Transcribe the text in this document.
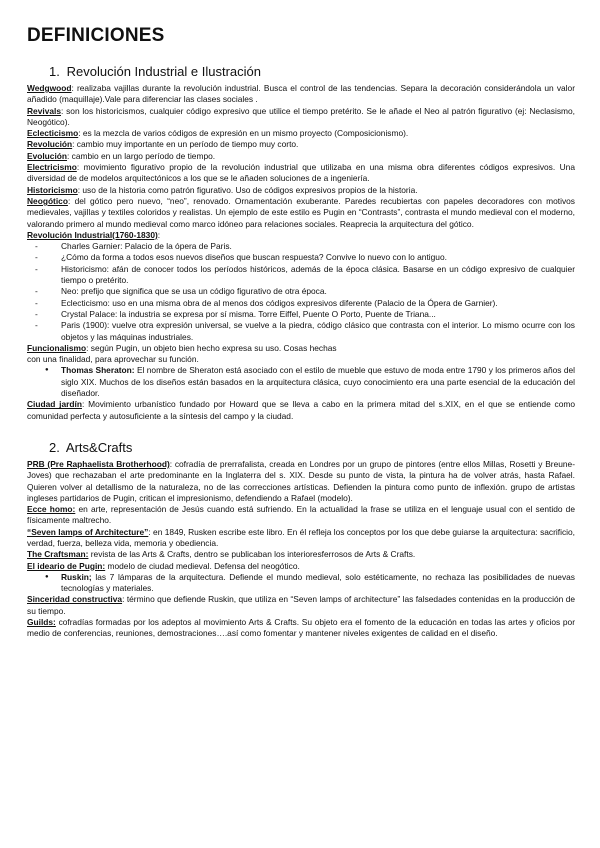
DEFINICIONES
1. Revolución Industrial e Ilustración

Wedgwood: realizaba vajillas durante la revolución industrial. Busca el control de las tendencias. Separa la decoración considerándola un valor añadido (maquillaje).Vale para diferenciar las clases sociales .

Revivals: son los historicismos, cualquier código expresivo que utilice el tiempo pretérito. Se le añade el Neo al patrón figurativo (ej: Neclasismo, Neogótico).

Eclecticismo: es la mezcla de varios códigos de expresión en un mismo proyecto (Composicionismo).

Revolución: cambio muy importante en un período de tiempo muy corto.

Evolución: cambio en un largo período de tiempo.

Electricismo: movimiento figurativo propio de la revolución industrial que utilizaba en una misma obra diferentes códigos expresivos. Una diversidad de de modelos arquitectónicos a los que se le añaden soluciones de a ingeniería.

Historicismo: uso de la historia como patrón figurativo. Uso de códigos expresivos propios de la historia.

Neogótico: del gótico pero nuevo, “neo”, renovado. Ornamentación exuberante. Paredes recubiertas con papeles decoradores con motivos medievales, vajillas y textiles coloridos y realistas. Un ejemplo de este estilo es Pugin en “Contrasts”, contrasta el mundo medieval con el moderno, valorando primero al mundo medieval como marco idóneo para relaciones sociales. Reaprecia la arquitectura del gótico.

Revolución Industrial(1760-1830):

- Charles Garnier: Palacio de la ópera de Paris.
- ¿Cómo da forma a todos esos nuevos diseños que buscan respuesta? Convive lo nuevo con lo antiguo.
- Historicismo: afán de conocer todos los períodos históricos, además de la época clásica. Basarse en un código expresivo de cualquier tiempo o pretérito.
- Neo: prefijo que significa que se usa un código figurativo de otra época.
- Eclecticismo: uso en una misma obra de al menos dos códigos expresivos diferente (Palacio de la Ópera de Garnier).
- Crystal Palace: la industria se expresa por sí misma. Torre Eiffel, Puente O Porto, Puente de Triana...
- Paris (1900): vuelve otra expresión universal, se vuelve a la piedra, código clásico que contrasta con el interior. Lo mismo ocurre con los objetos y las máquinas industriales.

Funcionalismo: según Pugin, un objeto bien hecho expresa su uso. Cosas hechas
con una finalidad, para aprovechar su función.

● Thomas Sheraton: El nombre de Sheraton está asociado con el estilo de mueble que estuvo de moda entre 1790 y los primeros años del siglo XIX. Muchos de los diseños están basados en la arquitectura clásica, cuyo conocimiento era una parte esencial de la educación del diseñador.

Ciudad jardín: Movimiento urbanístico fundado por Howard que se lleva a cabo en la primera mitad del s.XIX, en el que se entiende como comunidad perfecta y autosuficiente a la síntesis del campo y la ciudad.

2. Arts&Crafts

PRB (Pre Raphaelista Brotherhood): cofradía de prerrafalista, creada en Londres por un grupo de pintores (entre ellos Millas, Rosetti y Breune-Joves) que rechazaban el arte predominante en la Inglaterra del s. XIX. Desde su punto de vista, la pintura ha de volver atrás, hasta Rafael. Quieren volver al detallismo de la naturaleza, no de las correcciones artísticas. Defienden la pintura como punto de inflexión. grupo de artistas ingleses partidarios de Pugin, critican el impresionismo, defendiendo a Rafael (modelo).

Ecce homo: en arte, representación de Jesús cuando está sufriendo. En la actualidad la frase se utiliza en el lenguaje usual con el sentido de físicamente maltrecho.

“Seven lamps of Architecture”: en 1849, Rusken escribe este libro. En él refleja los conceptos por los que debe guiarse la arquitectura: sacrificio, verdad, fuerza, belleza vida, memoria y obediencia.

The Craftsman: revista de las Arts & Crafts, dentro se publicaban los interioresferrosos de Arts & Crafts.

El ideario de Pugin: modelo de ciudad medieval. Defensa del neogótico.

● Ruskin; las 7 lámparas de la arquitectura. Defiende el mundo medieval, solo estéticamente, no rechaza las posibilidades de nuevas tecnologías y materiales.

Sinceridad constructiva: término que defiende Ruskin, que utiliza en “Seven lamps of architecture” las falsedades contenidas en la producción de su tiempo.

Guilds: cofradías formadas por los adeptos al movimiento Arts & Crafts. Su objeto era el fomento de la educación en todas las artes y oficios por medio de conferencias, reuniones, demostraciones….así como fomentar y mantener niveles exigentes de calidad en el diseño.
